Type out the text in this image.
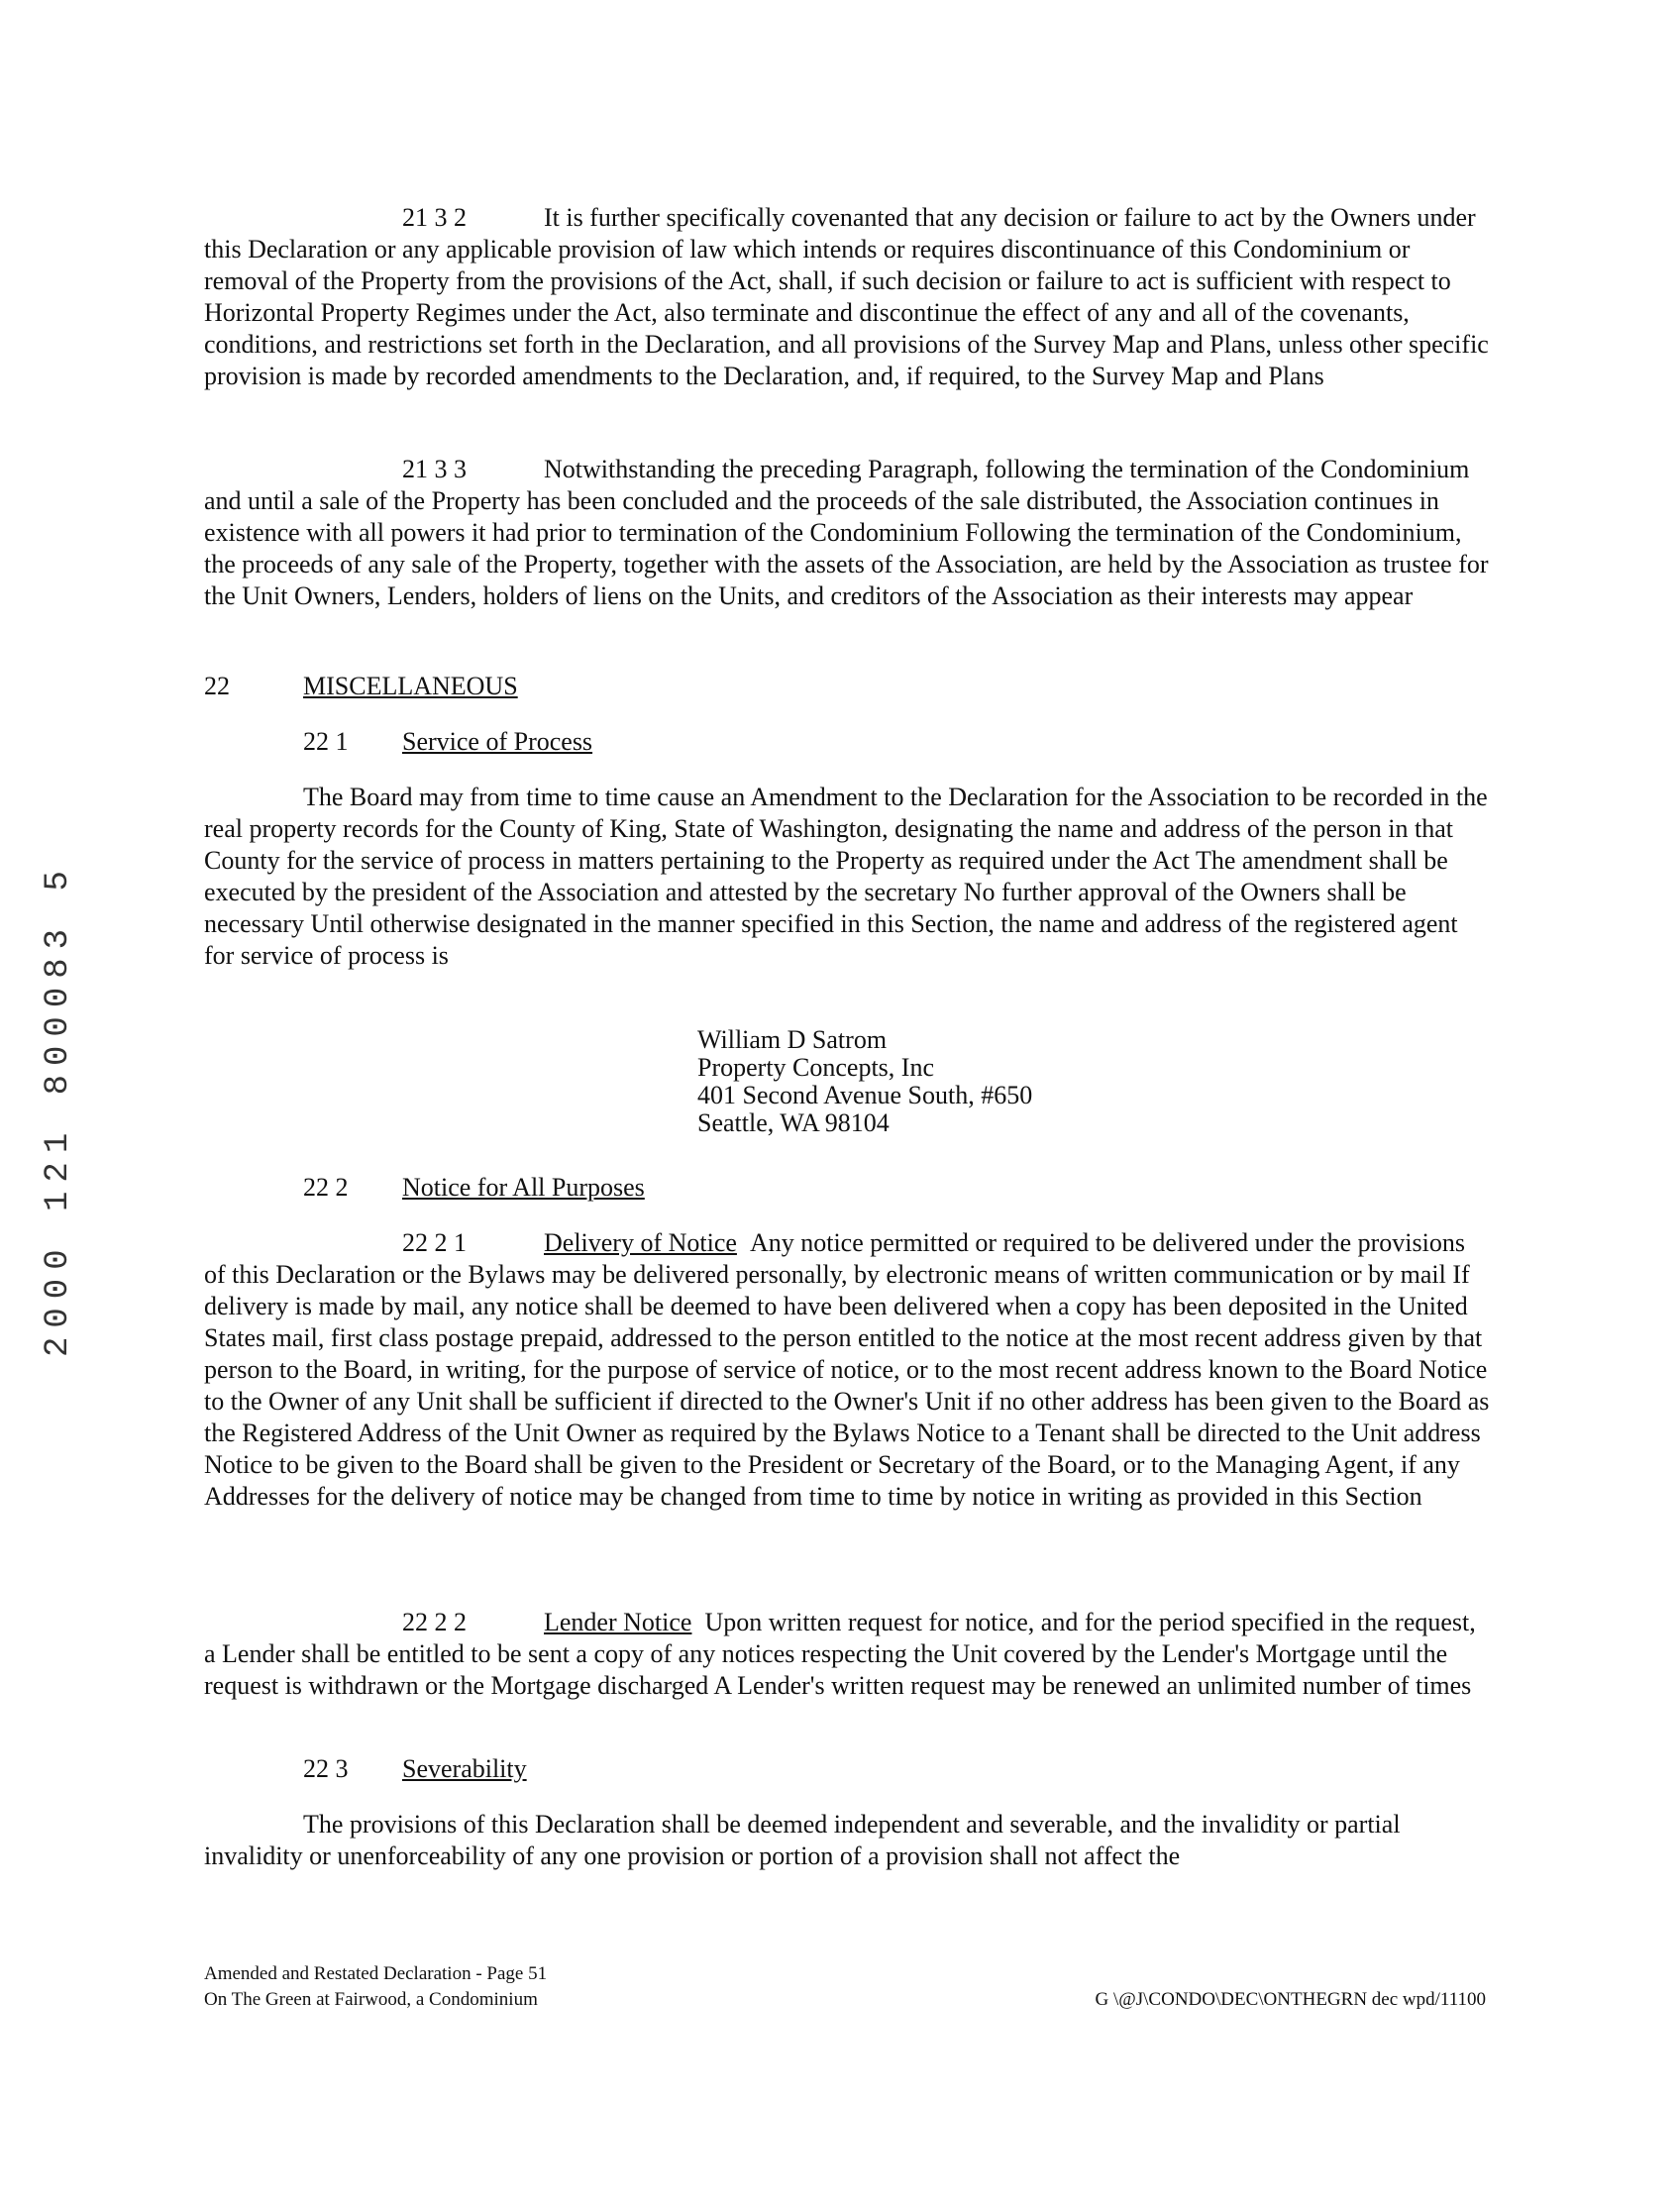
21 3 2	It is further specifically covenanted that any decision or failure to act by the Owners under this Declaration or any applicable provision of law which intends or requires discontinuance of this Condominium or removal of the Property from the provisions of the Act, shall, if such decision or failure to act is sufficient with respect to Horizontal Property Regimes under the Act, also terminate and discontinue the effect of any and all of the covenants, conditions, and restrictions set forth in the Declaration, and all provisions of the Survey Map and Plans, unless other specific provision is made by recorded amendments to the Declaration, and, if required, to the Survey Map and Plans

21 3 3	Notwithstanding the preceding Paragraph, following the termination of the Condominium and until a sale of the Property has been concluded and the proceeds of the sale distributed, the Association continues in existence with all powers it had prior to termination of the Condominium Following the termination of the Condominium, the proceeds of any sale of the Property, together with the assets of the Association, are held by the Association as trustee for the Unit Owners, Lenders, holders of liens on the Units, and creditors of the Association as their interests may appear

22	MISCELLANEOUS
22 1 Service of Process

The Board may from time to time cause an Amendment to the Declaration for the Association to be recorded in the real property records for the County of King, State of Washington, designating the name and address of the person in that County for the service of process in matters pertaining to the Property as required under the Act The amendment shall be executed by the president of the Association and attested by the secretary No further approval of the Owners shall be necessary Until otherwise designated in the manner specified in this Section, the name and address of the registered agent for service of process is

William D Satrom
Property Concepts, Inc
401 Second Avenue South, #650
Seattle, WA 98104
22 2 Notice for All Purposes

22 2 1	Delivery of Notice Any notice permitted or required to be delivered under the provisions of this Declaration or the Bylaws may be delivered personally, by electronic means of written communication or by mail If delivery is made by mail, any notice shall be deemed to have been delivered when a copy has been deposited in the United States mail, first class postage prepaid, addressed to the person entitled to the notice at the most recent address given by that person to the Board, in writing, for the purpose of service of notice, or to the most recent address known to the Board Notice to the Owner of any Unit shall be sufficient if directed to the Owner's Unit if no other address has been given to the Board as the Registered Address of the Unit Owner as required by the Bylaws Notice to a Tenant shall be directed to the Unit address Notice to be given to the Board shall be given to the President or Secretary of the Board, or to the Managing Agent, if any Addresses for the delivery of notice may be changed from time to time by notice in writing as provided in this Section

22 2 2	Lender Notice Upon written request for notice, and for the period specified in the request, a Lender shall be entitled to be sent a copy of any notices respecting the Unit covered by the Lender's Mortgage until the request is withdrawn or the Mortgage discharged A Lender's written request may be renewed an unlimited number of times

22 3 Severability

The provisions of this Declaration shall be deemed independent and severable, and the invalidity or partial invalidity or unenforceability of any one provision or portion of a provision shall not affect the

Amended and Restated Declaration - Page 51
On The Green at Fairwood, a Condominium	G \@J\CONDO\DEC\ONTHEGRN dec wpd/11100
2000 121 800083 5
